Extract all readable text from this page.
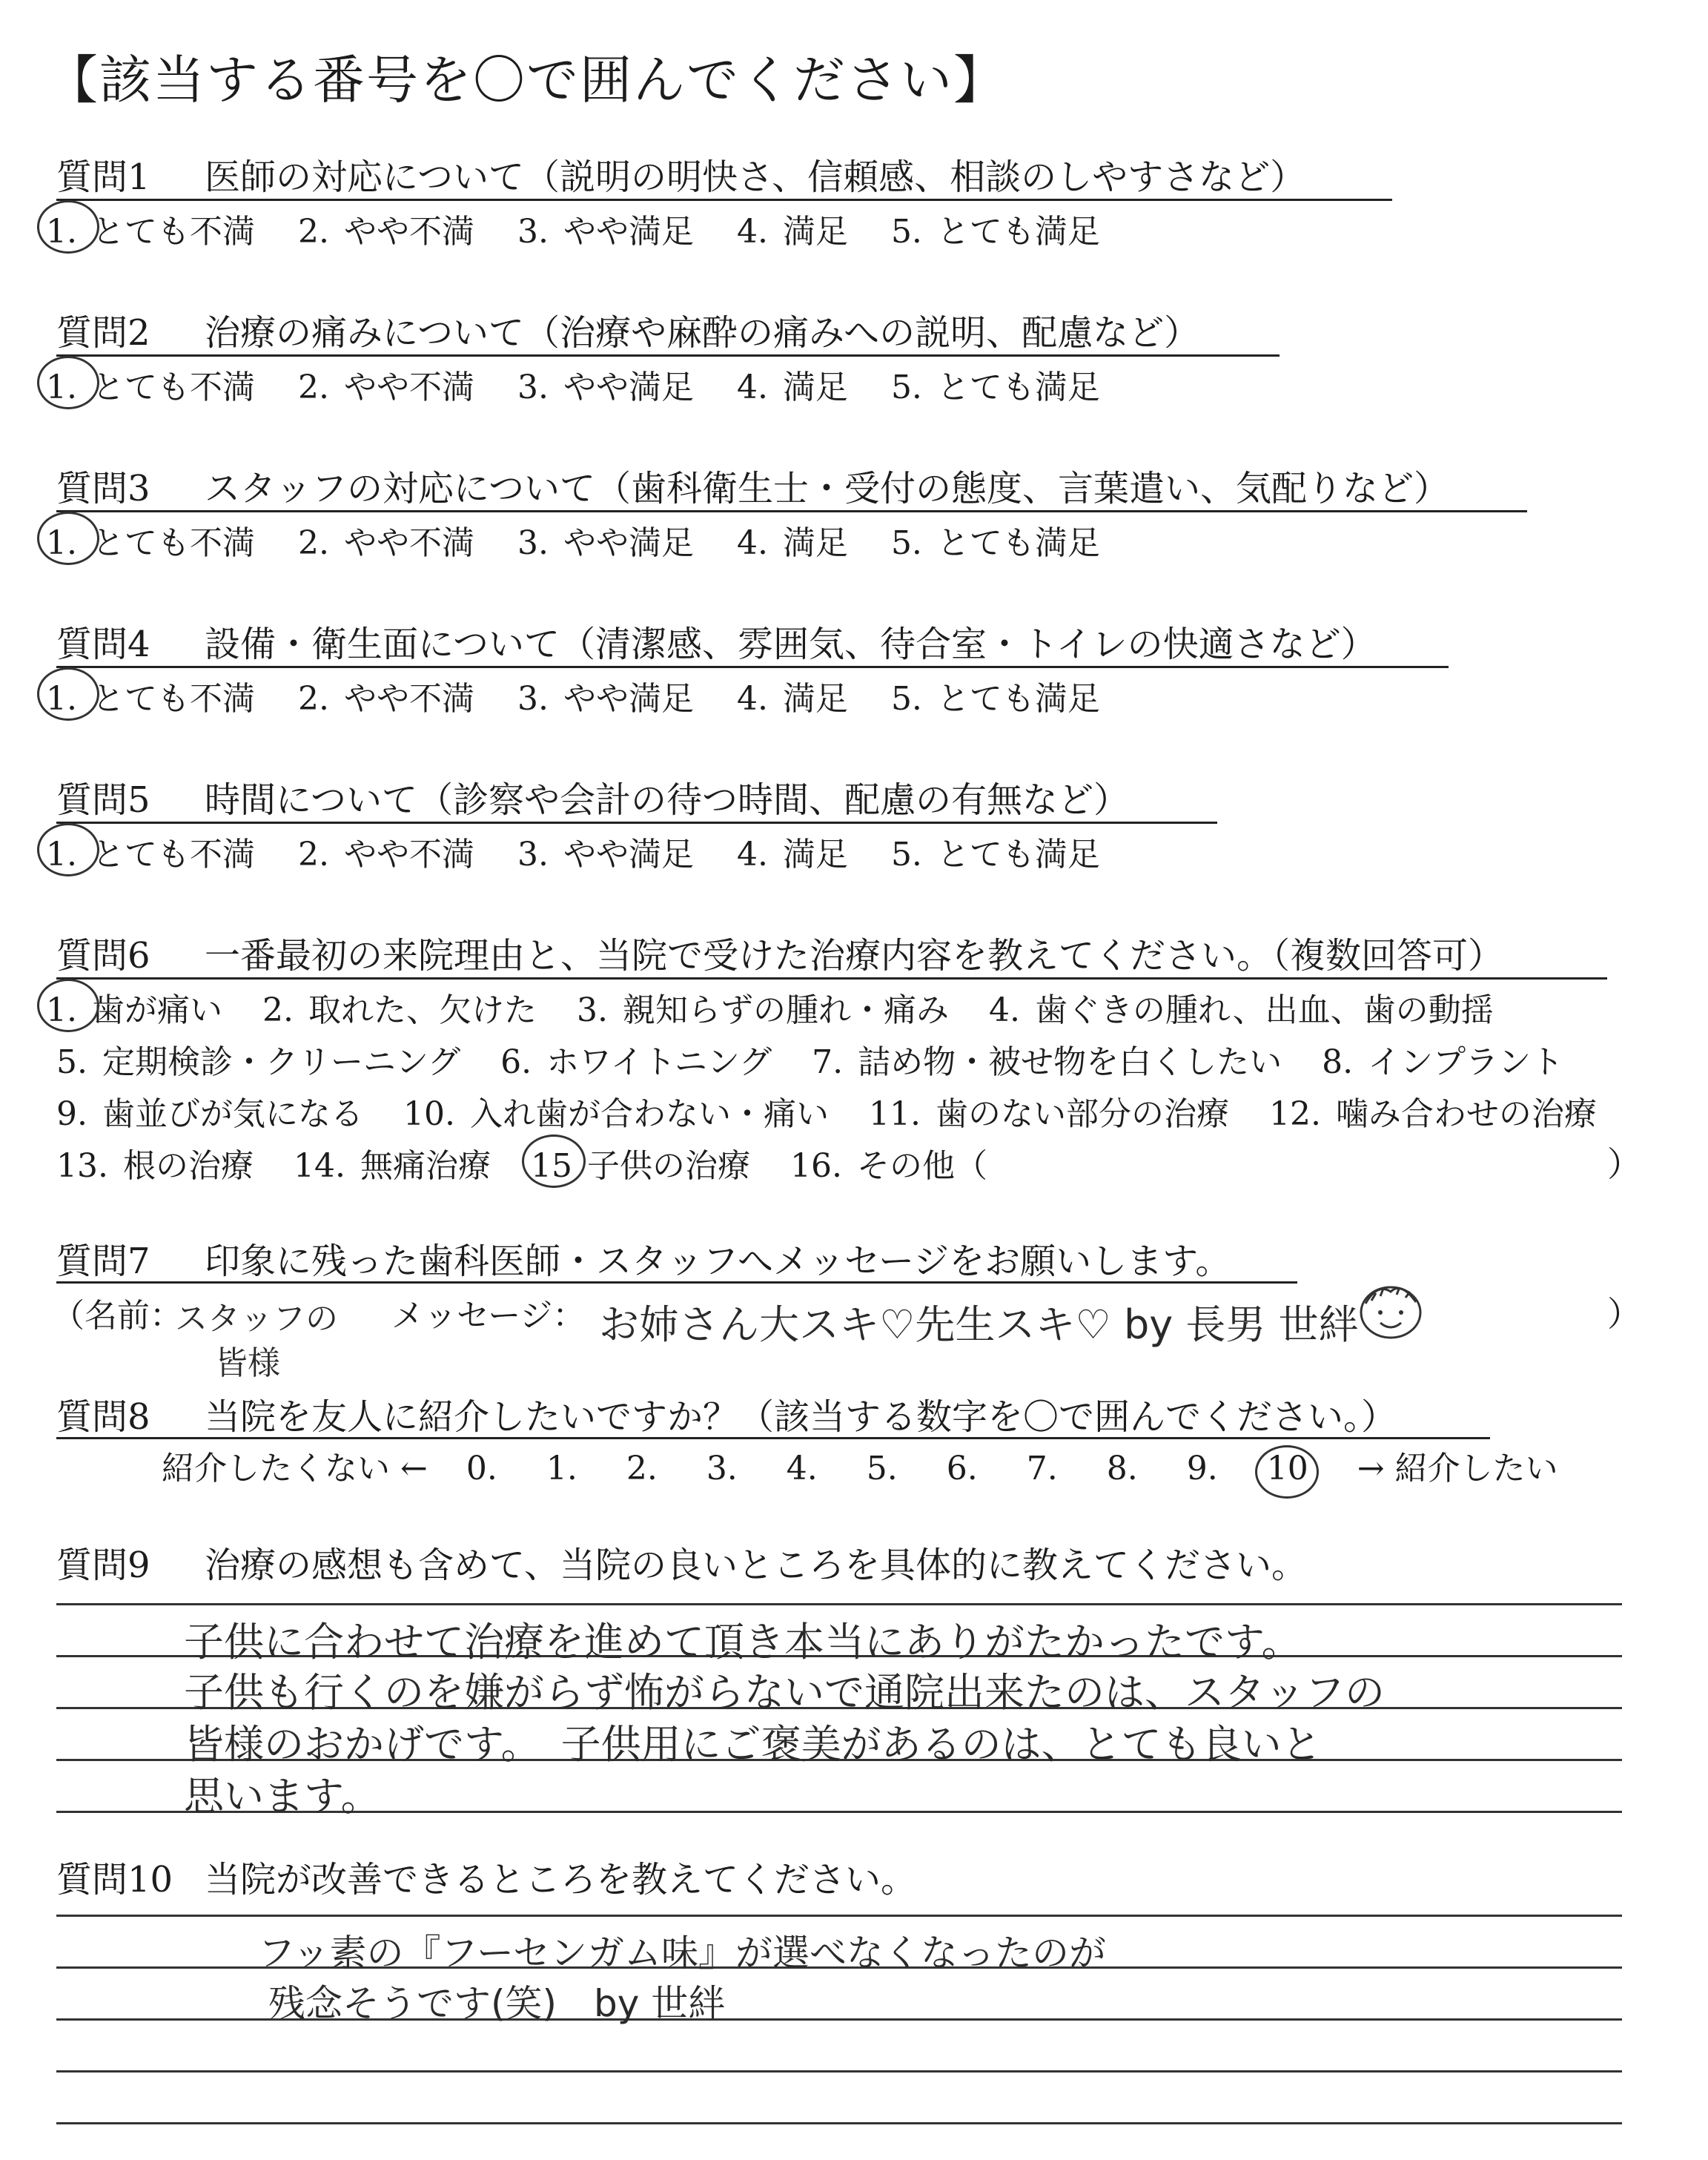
【該当する番号を〇で囲んでください】
質問1 医師の対応について（説明の明快さ、信頼感、相談のしやすさなど）
1. とても不満 2. やや不満 3. やや満足 4. 満足 5. とても満足
質問2 治療の痛みについて（治療や麻酔の痛みへの説明、配慮など）
1. とても不満 2. やや不満 3. やや満足 4. 満足 5. とても満足
質問3 スタッフの対応について（歯科衛生士・受付の態度、言葉遣い、気配りなど）
1. とても不満 2. やや不満 3. やや満足 4. 満足 5. とても満足
質問4 設備・衛生面について（清潔感、雰囲気、待合室・トイレの快適さなど）
1. とても不満 2. やや不満 3. やや満足 4. 満足 5. とても満足
質問5 時間について（診察や会計の待つ時間、配慮の有無など）
1. とても不満 2. やや不満 3. やや満足 4. 満足 5. とても満足
質問6 一番最初の来院理由と、当院で受けた治療内容を教えてください。（複数回答可）
1. 歯が痛い 2. 取れた、欠けた 3. 親知らずの腫れ・痛み 4. 歯ぐきの腫れ、出血、歯の動揺
5. 定期検診・クリーニング 6. ホワイトニング 7. 詰め物・被せ物を白くしたい 8. インプラント
9. 歯並びが気になる 10. 入れ歯が合わない・痛い 11. 歯のない部分の治療 12. 噛み合わせの治療
13. 根の治療 14. 無痛治療 15 子供の治療 16. その他（	）
質問7 印象に残った歯科医師・スタッフへメッセージをお願いします。
（名前：
スタッフの
皆様
メッセージ： お姉さん大スキ♡先生スキ♡ by 長男 世絆	）
質問8 当院を友人に紹介したいですか？（該当する数字を〇で囲んでください。）
紹介したくない ← 0. 1. 2. 3. 4. 5. 6. 7. 8. 9. 10 → 紹介したい
質問9 治療の感想も含めて、当院の良いところを具体的に教えてください。
子供に合わせて治療を進めて頂き本当にありがたかったです。
子供も行くのを嫌がらず怖がらないで通院出来たのは、スタッフの
皆様のおかげです。　子供用にご褒美があるのは、とても良いと
思います。
質問10 当院が改善できるところを教えてください。
フッ素の『フーセンガム味』が選べなくなったのが
残念そうです(笑)　by 世絆
